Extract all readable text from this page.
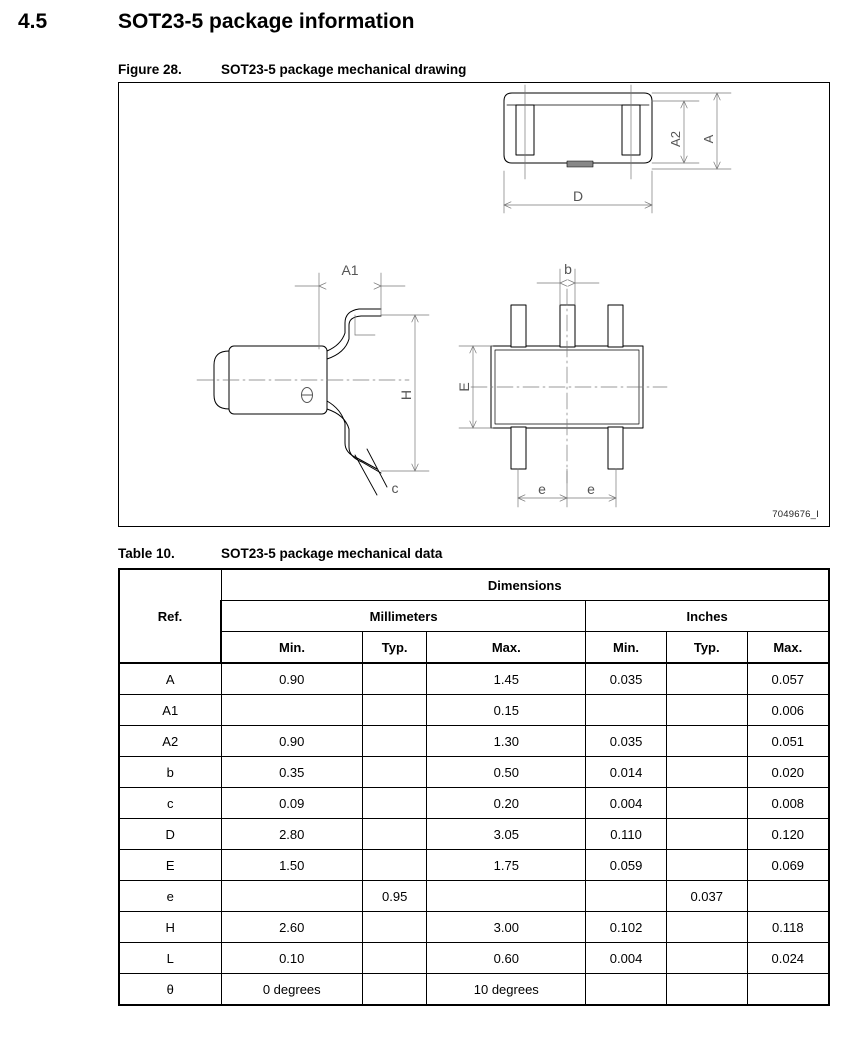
4.5	SOT23-5 package information
Figure 28.	SOT23-5 package mechanical drawing
A2 A
D
A1
H
c
b
E
e	e
7049676_I
Table 10.	SOT23-5 package mechanical data
Ref.	Dimensions					
	Millimeters			Inches		
	Min.	Typ.	Max.	Min.	Typ.	Max.
A	0.90		1.45	0.035		0.057
A1			0.15			0.006
A2	0.90		1.30	0.035		0.051
b	0.35		0.50	0.014		0.020
c	0.09		0.20	0.004		0.008
D	2.80		3.05	0.110		0.120
E	1.50		1.75	0.059		0.069
e		0.95			0.037	
H	2.60		3.00	0.102		0.118
L	0.10		0.60	0.004		0.024
θ	0 degrees		10 degrees			
